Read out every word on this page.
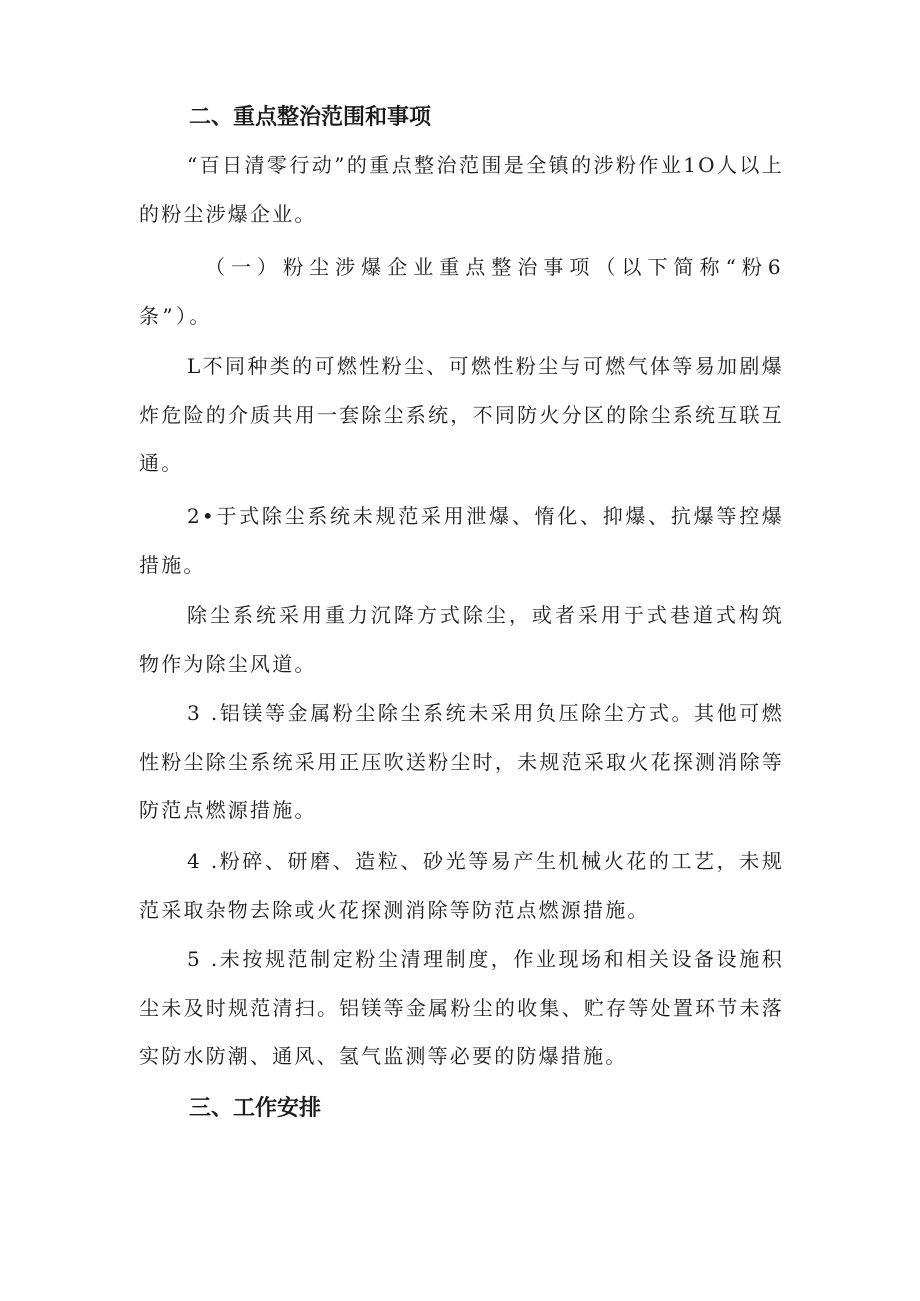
二、重点整治范围和事项

“百日清零行动”的重点整治范围是全镇的涉粉作业1O人以上的粉尘涉爆企业。

（一）粉尘涉爆企业重点整治事项（以下简称“粉6条”）。

L不同种类的可燃性粉尘、可燃性粉尘与可燃气体等易加剧爆炸危险的介质共用一套除尘系统，不同防火分区的除尘系统互联互通。

2•于式除尘系统未规范采用泄爆、惰化、抑爆、抗爆等控爆措施。

除尘系统采用重力沉降方式除尘，或者采用于式巷道式构筑物作为除尘风道。

3 .铝镁等金属粉尘除尘系统未采用负压除尘方式。其他可燃性粉尘除尘系统采用正压吹送粉尘时，未规范采取火花探测消除等防范点燃源措施。

4 .粉碎、研磨、造粒、砂光等易产生机械火花的工艺，未规范采取杂物去除或火花探测消除等防范点燃源措施。

5 .未按规范制定粉尘清理制度，作业现场和相关设备设施积尘未及时规范清扫。铝镁等金属粉尘的收集、贮存等处置环节未落实防水防潮、通风、氢气监测等必要的防爆措施。

三、工作安排
